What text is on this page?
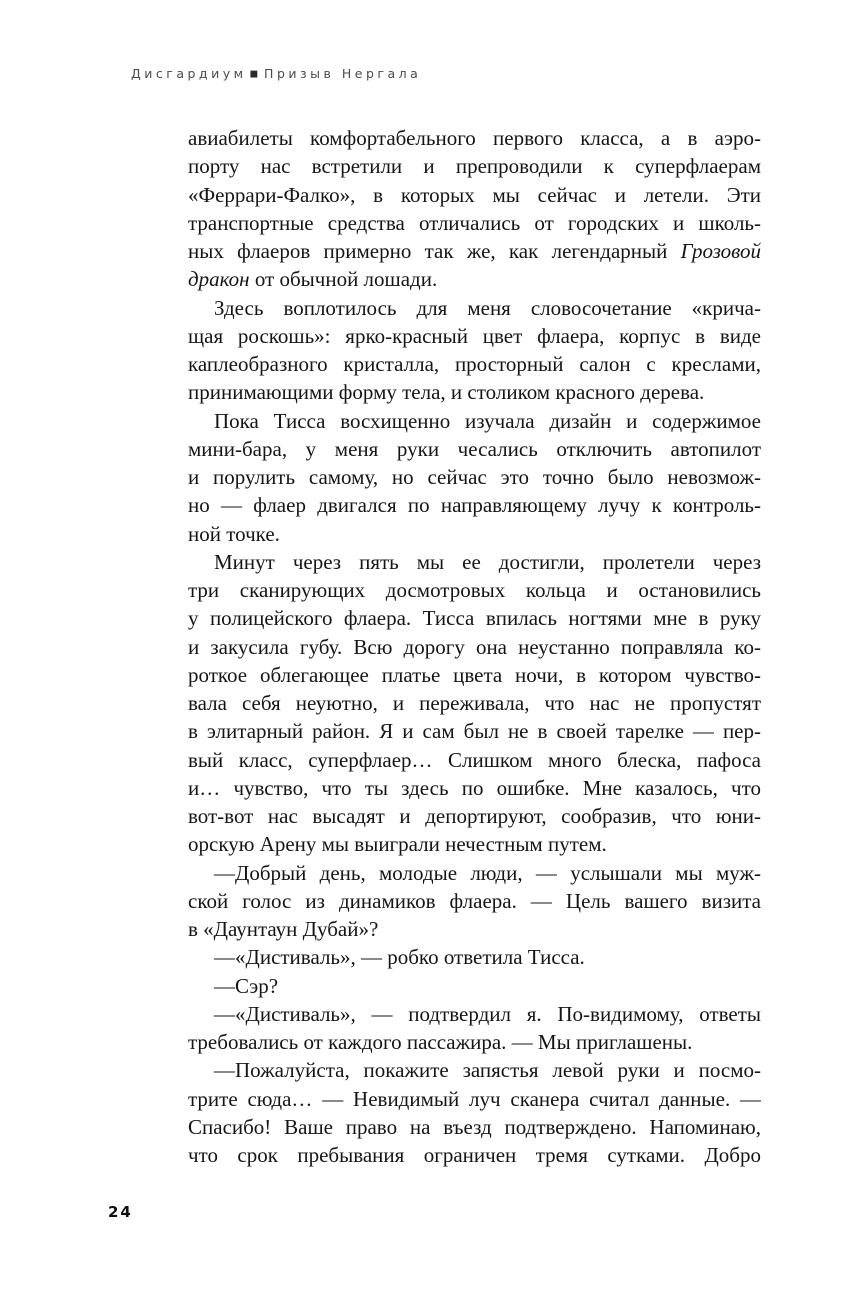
Дисгардиум ■ Призыв Нергала
авиабилеты комфортабельного первого класса, а в аэро-
порту нас встретили и препроводили к суперфлаерам
«Феррари-Фалко», в которых мы сейчас и летели. Эти
транспортные средства отличались от городских и школь-
ных флаеров примерно так же, как легендарный Грозовой
дракон от обычной лошади.
Здесь воплотилось для меня словосочетание «крича-
щая роскошь»: ярко-красный цвет флаера, корпус в виде
каплеобразного кристалла, просторный салон с креслами,
принимающими форму тела, и столиком красного дерева.
Пока Тисса восхищенно изучала дизайн и содержимое
мини-бара, у меня руки чесались отключить автопилот
и порулить самому, но сейчас это точно было невозмож-
но — флаер двигался по направляющему лучу к контроль-
ной точке.
Минут через пять мы ее достигли, пролетели через
три сканирующих досмотровых кольца и остановились
у полицейского флаера. Тисса впилась ногтями мне в руку
и закусила губу. Всю дорогу она неустанно поправляла ко-
роткое облегающее платье цвета ночи, в котором чувство-
вала себя неуютно, и переживала, что нас не пропустят
в элитарный район. Я и сам был не в своей тарелке — пер-
вый класс, суперфлаер… Слишком много блеска, пафоса
и… чувство, что ты здесь по ошибке. Мне казалось, что
вот-вот нас высадят и депортируют, сообразив, что юни-
орскую Арену мы выиграли нечестным путем.
—Добрый день, молодые люди, — услышали мы муж-
ской голос из динамиков флаера. — Цель вашего визита
в «Даунтаун Дубай»?
—«Дистиваль», — робко ответила Тисса.
—Сэр?
—«Дистиваль», — подтвердил я. По-видимому, ответы
требовались от каждого пассажира. — Мы приглашены.
—Пожалуйста, покажите запястья левой руки и посмо-
трите сюда… — Невидимый луч сканера считал данные. —
Спасибо! Ваше право на въезд подтверждено. Напоминаю,
что срок пребывания ограничен тремя сутками. Добро
24
